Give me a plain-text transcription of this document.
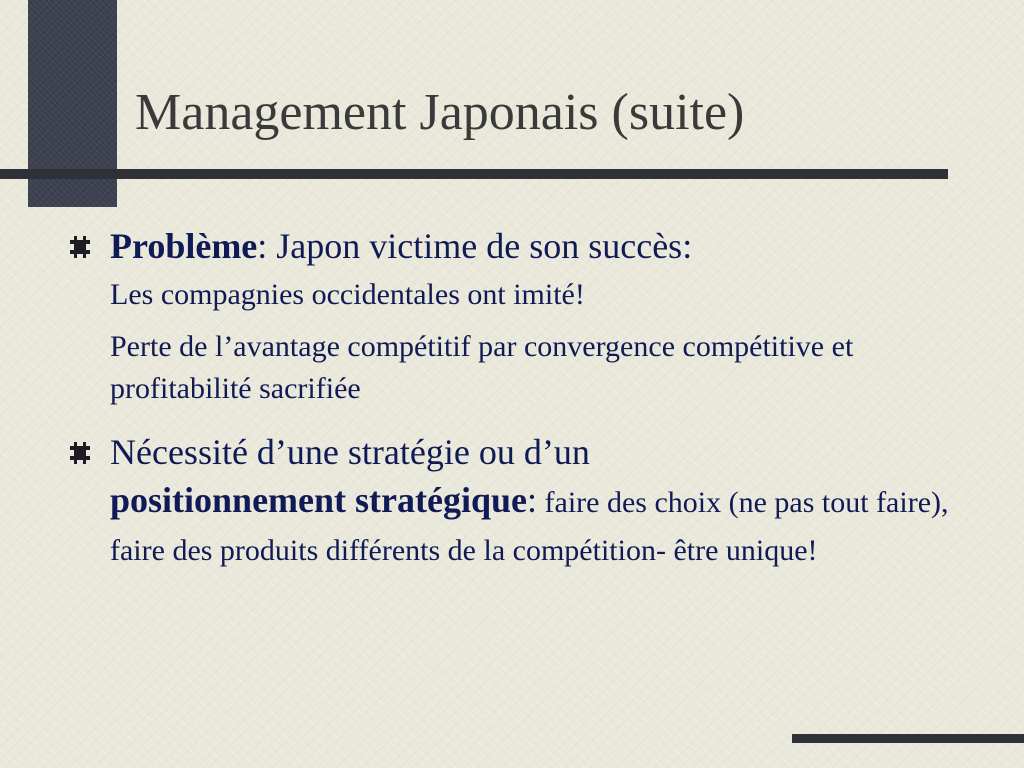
Management Japonais (suite)
Problème: Japon victime de son succès:

Les compagnies occidentales ont imité!

Perte de l’avantage compétitif par convergence compétitive et profitabilité sacrifiée

Nécessité d’une stratégie ou d’un
positionnement stratégique: faire des choix (ne pas tout faire), faire des produits différents de la compétition- être unique!
